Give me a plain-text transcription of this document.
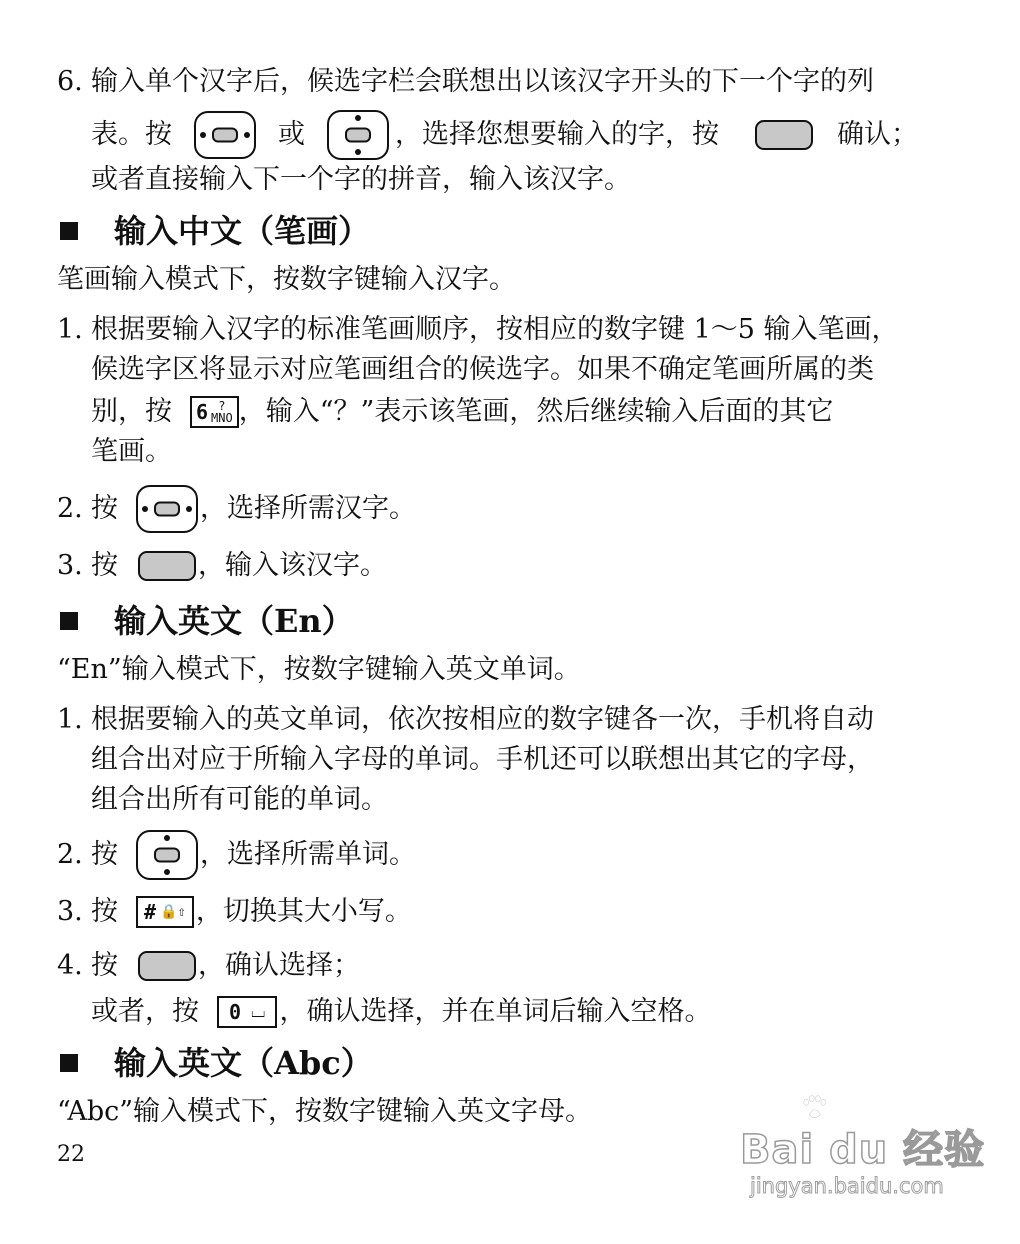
6. 输入单个汉字后，候选字栏会联想出以该汉字开头的下一个字的列
表。按	或	，选择您想要输入的字，按	确认；
或者直接输入下一个字的拼音，输入该汉字。
输入中文（笔画）
笔画输入模式下，按数字键输入汉字。
1. 根据要输入汉字的标准笔画顺序，按相应的数字键 1～5 输入笔画，
候选字区将显示对应笔画组合的候选字。如果不确定笔画所属的类
别，按 6 ?
MNO ，输入“？”表示该笔画，然后继续输入后面的其它
笔画。
2. 按	，选择所需汉字。
3. 按	，输入该汉字。
输入英文（En）
“En”输入模式下，按数字键输入英文单词。
1. 根据要输入的英文单词，依次按相应的数字键各一次，手机将自动
组合出对应于所输入字母的单词。手机还可以联想出其它的字母，
组合出所有可能的单词。
2. 按	，选择所需单词。
3. 按 # 🔒⇧ ，切换其大小写。
4. 按	，确认选择；
或者，按 0 ⌴ ，确认选择，并在单词后输入空格。
输入英文（Abc）
“Abc”输入模式下，按数字键输入英文字母。
22	Bai du 经验
jingyan.baidu.com
